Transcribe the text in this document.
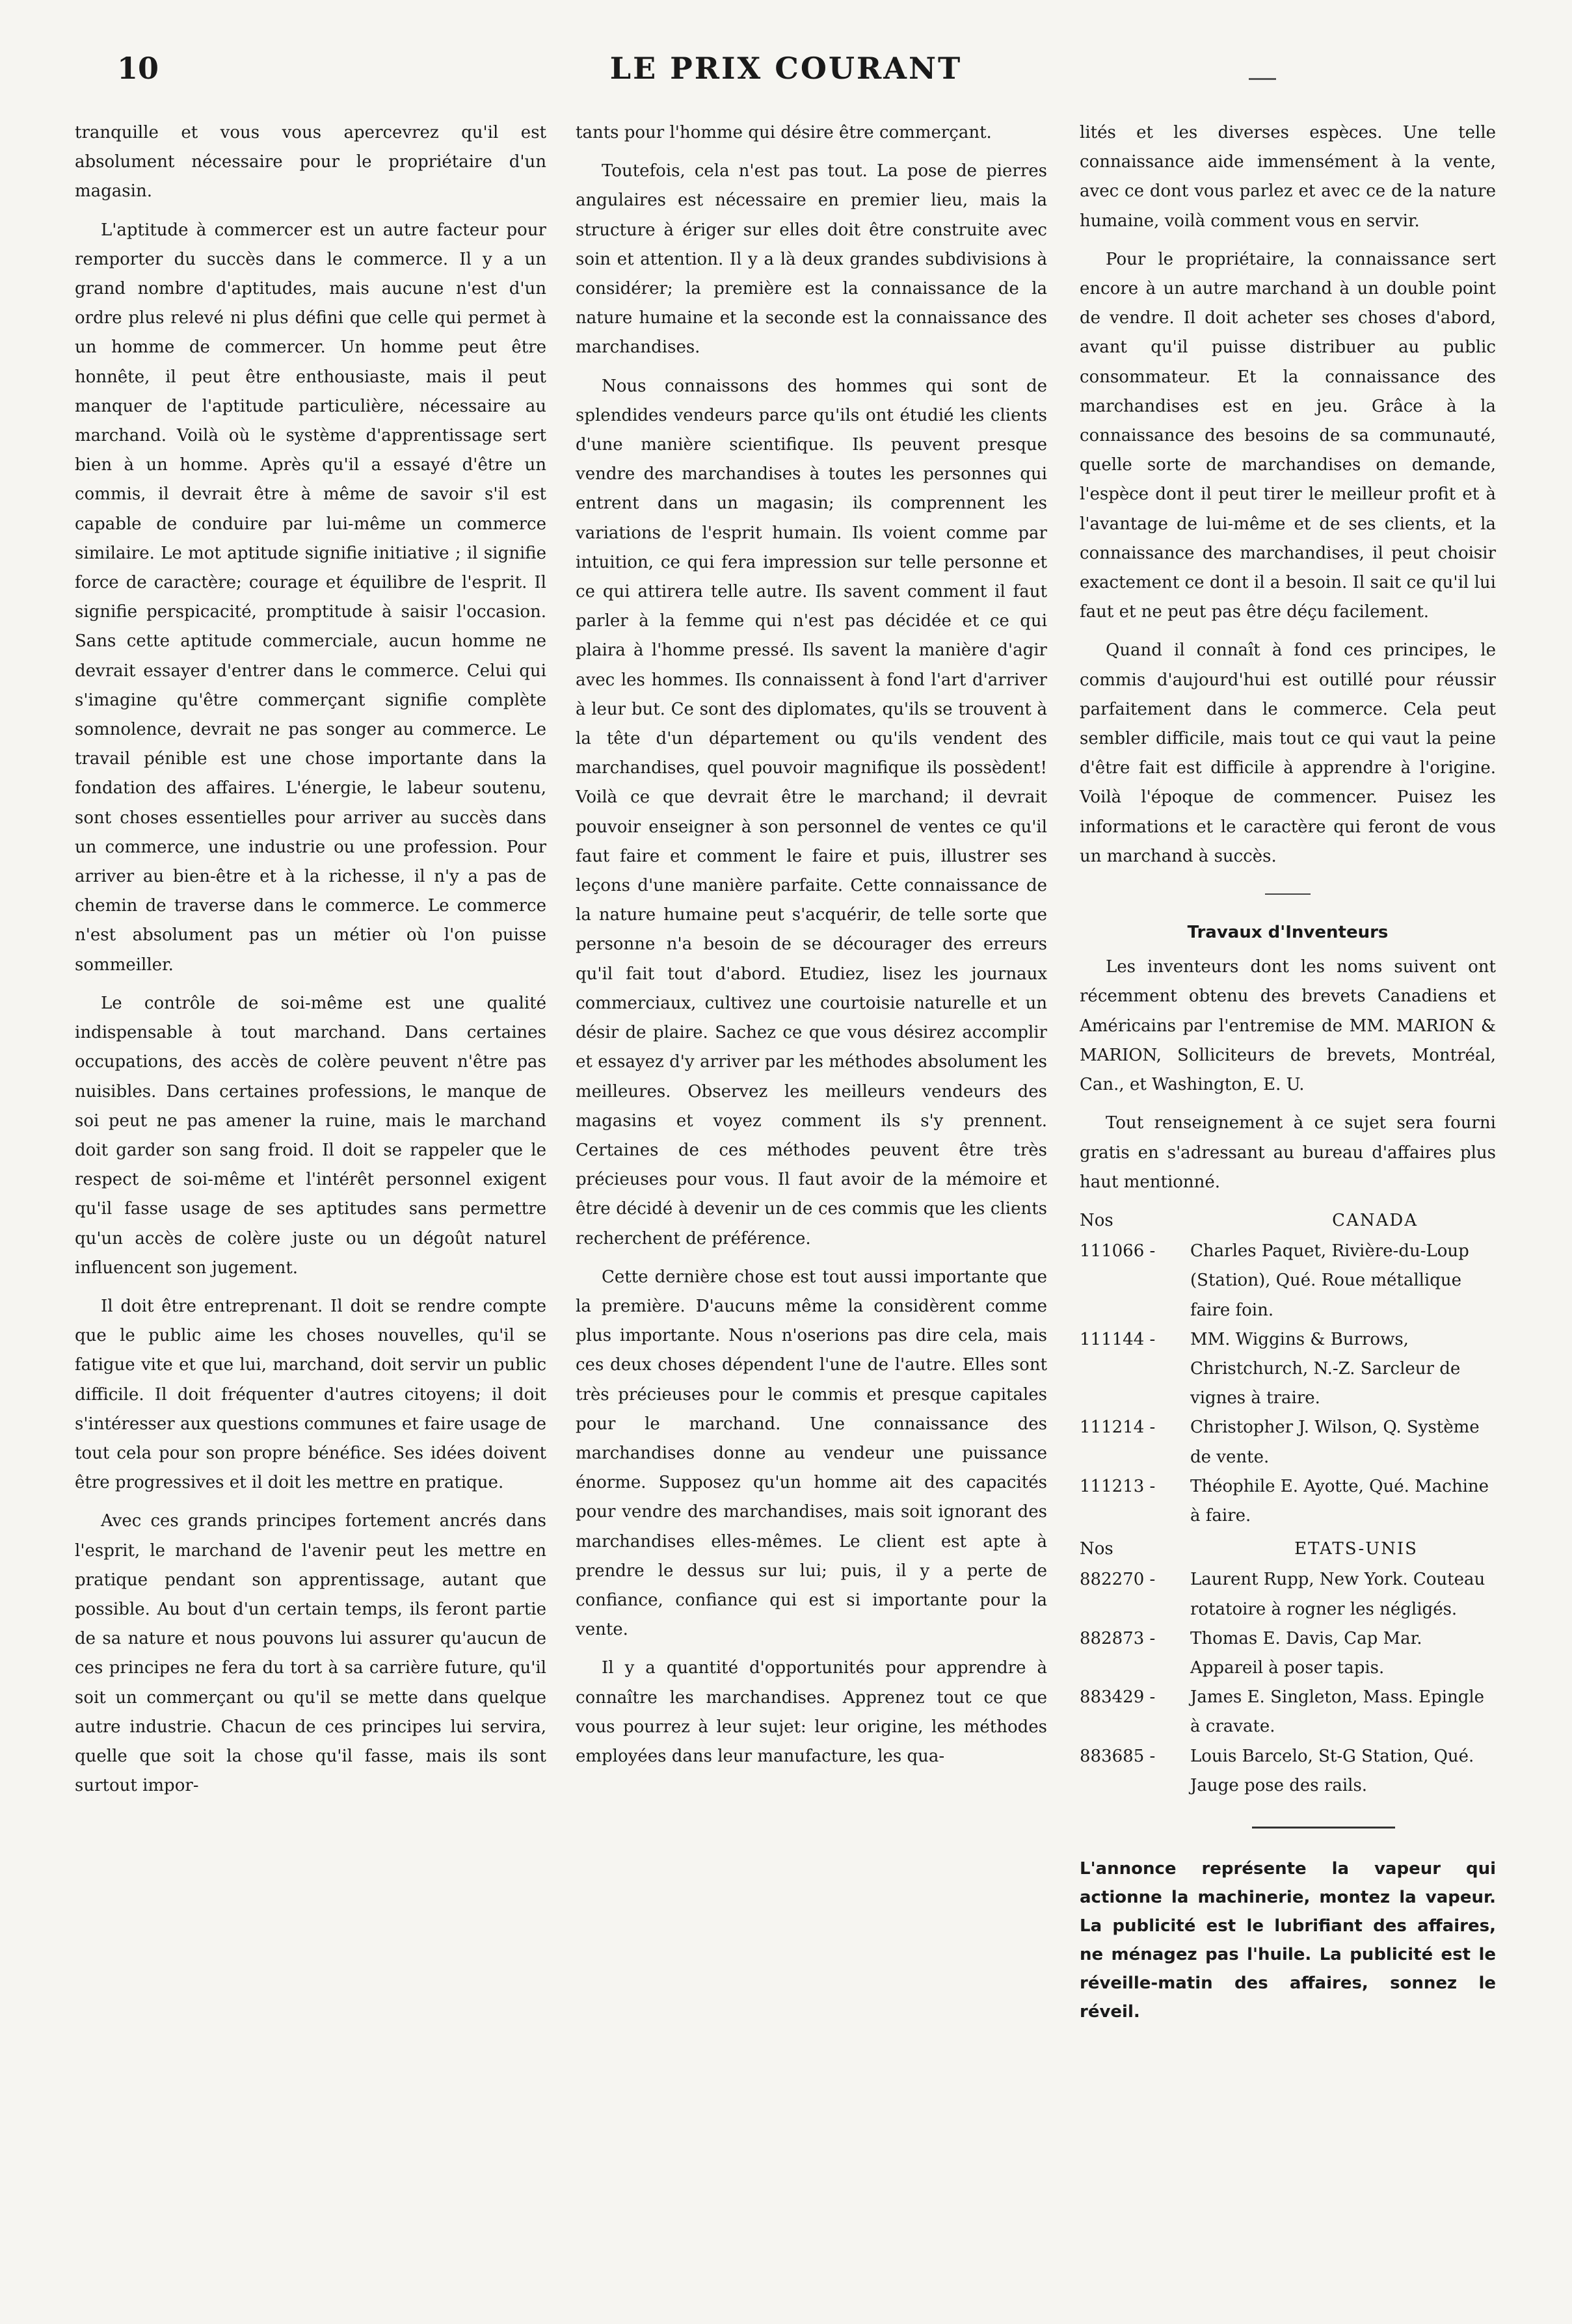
10	LE PRIX COURANT

tranquille et vous vous apercevrez qu'il est absolument nécessaire pour le propriétaire d'un magasin.

L'aptitude à commercer est un autre facteur pour remporter du succès dans le commerce. Il y a un grand nombre d'aptitudes, mais aucune n'est d'un ordre plus relevé ni plus défini que celle qui permet à un homme de commercer. Un homme peut être honnête, il peut être enthousiaste, mais il peut manquer de l'aptitude particulière, nécessaire au marchand. Voilà où le système d'apprentissage sert bien à un homme. Après qu'il a essayé d'être un commis, il devrait être à même de savoir s'il est capable de conduire par lui-même un commerce similaire. Le mot aptitude signifie initiative ; il signifie force de caractère; courage et équilibre de l'esprit. Il signifie perspicacité, promptitude à saisir l'occasion. Sans cette aptitude commerciale, aucun homme ne devrait essayer d'entrer dans le commerce. Celui qui s'imagine qu'être commerçant signifie complète somnolence, devrait ne pas songer au commerce. Le travail pénible est une chose importante dans la fondation des affaires. L'énergie, le labeur soutenu, sont choses essentielles pour arriver au succès dans un commerce, une industrie ou une profession. Pour arriver au bien-être et à la richesse, il n'y a pas de chemin de traverse dans le commerce. Le commerce n'est absolument pas un métier où l'on puisse sommeiller.

Le contrôle de soi-même est une qualité indispensable à tout marchand. Dans certaines occupations, des accès de colère peuvent n'être pas nuisibles. Dans certaines professions, le manque de soi peut ne pas amener la ruine, mais le marchand doit garder son sang froid. Il doit se rappeler que le respect de soi-même et l'intérêt personnel exigent qu'il fasse usage de ses aptitudes sans permettre qu'un accès de colère juste ou un dégoût naturel influencent son jugement.

Il doit être entreprenant. Il doit se rendre compte que le public aime les choses nouvelles, qu'il se fatigue vite et que lui, marchand, doit servir un public difficile. Il doit fréquenter d'autres citoyens; il doit s'intéresser aux questions communes et faire usage de tout cela pour son propre bénéfice. Ses idées doivent être progressives et il doit les mettre en pratique.

Avec ces grands principes fortement ancrés dans l'esprit, le marchand de l'avenir peut les mettre en pratique pendant son apprentissage, autant que possible. Au bout d'un certain temps, ils feront partie de sa nature et nous pouvons lui assurer qu'aucun de ces principes ne fera du tort à sa carrière future, qu'il soit un commerçant ou qu'il se mette dans quelque autre industrie. Chacun de ces principes lui servira, quelle que soit la chose qu'il fasse, mais ils sont surtout impor-

tants pour l'homme qui désire être commerçant.

Toutefois, cela n'est pas tout. La pose de pierres angulaires est nécessaire en premier lieu, mais la structure à ériger sur elles doit être construite avec soin et attention. Il y a là deux grandes subdivisions à considérer; la première est la connaissance de la nature humaine et la seconde est la connaissance des marchandises.

Nous connaissons des hommes qui sont de splendides vendeurs parce qu'ils ont étudié les clients d'une manière scientifique. Ils peuvent presque vendre des marchandises à toutes les personnes qui entrent dans un magasin; ils comprennent les variations de l'esprit humain. Ils voient comme par intuition, ce qui fera impression sur telle personne et ce qui attirera telle autre. Ils savent comment il faut parler à la femme qui n'est pas décidée et ce qui plaira à l'homme pressé. Ils savent la manière d'agir avec les hommes. Ils connaissent à fond l'art d'arriver à leur but. Ce sont des diplomates, qu'ils se trouvent à la tête d'un département ou qu'ils vendent des marchandises, quel pouvoir magnifique ils possèdent! Voilà ce que devrait être le marchand; il devrait pouvoir enseigner à son personnel de ventes ce qu'il faut faire et comment le faire et puis, illustrer ses leçons d'une manière parfaite. Cette connaissance de la nature humaine peut s'acquérir, de telle sorte que personne n'a besoin de se décourager des erreurs qu'il fait tout d'abord. Etudiez, lisez les journaux commerciaux, cultivez une courtoisie naturelle et un désir de plaire. Sachez ce que vous désirez accomplir et essayez d'y arriver par les méthodes absolument les meilleures. Observez les meilleurs vendeurs des magasins et voyez comment ils s'y prennent. Certaines de ces méthodes peuvent être très précieuses pour vous. Il faut avoir de la mémoire et être décidé à devenir un de ces commis que les clients recherchent de préférence.

Cette dernière chose est tout aussi importante que la première. D'aucuns même la considèrent comme plus importante. Nous n'oserions pas dire cela, mais ces deux choses dépendent l'une de l'autre. Elles sont très précieuses pour le commis et presque capitales pour le marchand. Une connaissance des marchandises donne au vendeur une puissance énorme. Supposez qu'un homme ait des capacités pour vendre des marchandises, mais soit ignorant des marchandises elles-mêmes. Le client est apte à prendre le dessus sur lui; puis, il y a perte de confiance, confiance qui est si importante pour la vente.

Il y a quantité d'opportunités pour apprendre à connaître les marchandises. Apprenez tout ce que vous pourrez à leur sujet: leur origine, les méthodes employées dans leur manufacture, les qua-

lités et les diverses espèces. Une telle connaissance aide immensément à la vente, avec ce dont vous parlez et avec ce de la nature humaine, voilà comment vous en servir.

Pour le propriétaire, la connaissance sert encore à un autre marchand à un double point de vendre. Il doit acheter ses choses d'abord, avant qu'il puisse distribuer au public consommateur. Et la connaissance des marchandises est en jeu. Grâce à la connaissance des besoins de sa communauté, quelle sorte de marchandises on demande, l'espèce dont il peut tirer le meilleur profit et à l'avantage de lui-même et de ses clients, et la connaissance des marchandises, il peut choisir exactement ce dont il a besoin. Il sait ce qu'il lui faut et ne peut pas être déçu facilement.

Quand il connaît à fond ces principes, le commis d'aujourd'hui est outillé pour réussir parfaitement dans le commerce. Cela peut sembler difficile, mais tout ce qui vaut la peine d'être fait est difficile à apprendre à l'origine. Voilà l'époque de commencer. Puisez les informations et le caractère qui feront de vous un marchand à succès.

Travaux d'Inventeurs

Les inventeurs dont les noms suivent ont récemment obtenu des brevets Canadiens et Américains par l'entremise de MM. MARION & MARION, Solliciteurs de brevets, Montréal, Can., et Washington, E. U.

Tout renseignement à ce sujet sera fourni gratis en s'adressant au bureau d'affaires plus haut mentionné.

Nos	CANADA
111066 -	Charles Paquet, Rivière-du-Loup (Station), Qué. Roue métallique faire foin.
111144 -	MM. Wiggins & Burrows, Christchurch, N.-Z. Sarcleur de vignes à traire.
111214 -	Christopher J. Wilson, Q. Système de vente.
111213 -	Théophile E. Ayotte, Qué. Machine à faire.
Nos	ETATS-UNIS
882270 -	Laurent Rupp, New York. Couteau rotatoire à rogner les négligés.
882873 -	Thomas E. Davis, Cap Mar. Appareil à poser tapis.
883429 -	James E. Singleton, Mass. Epingle à cravate.
883685 -	Louis Barcelo, St-G Station, Qué. Jauge pose des rails.

L'annonce représente la vapeur qui actionne la machinerie, montez la vapeur. La publicité est le lubrifiant des affaires, ne ménagez pas l'huile. La publicité est le réveille-matin des affaires, sonnez le réveil.
